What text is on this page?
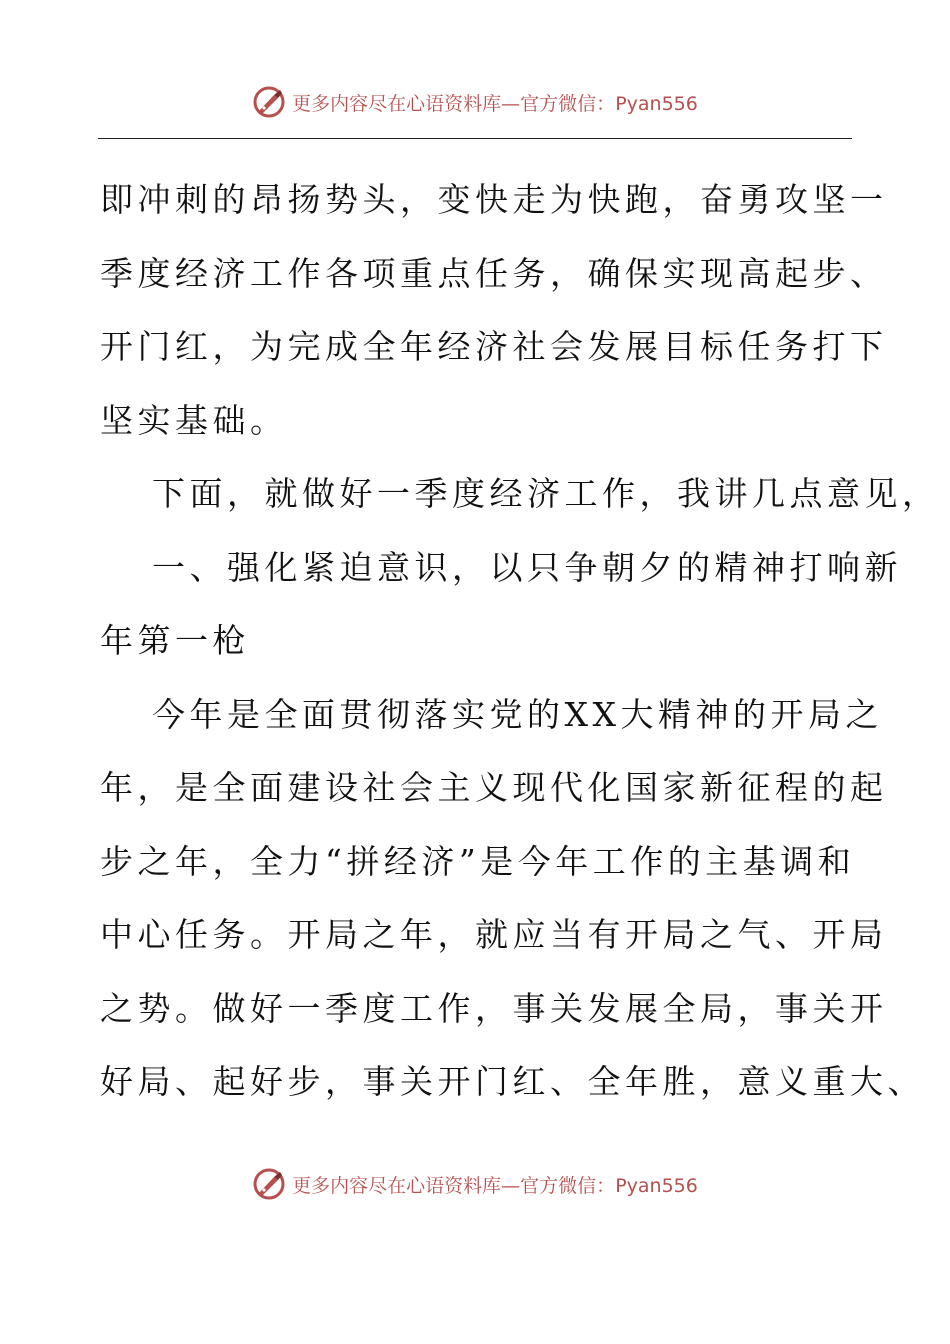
更多内容尽在心语资料库—官方微信：Pyan556
即冲刺的昂扬势头，变快走为快跑，奋勇攻坚一
季度经济工作各项重点任务，确保实现高起步、
开门红，为完成全年经济社会发展目标任务打下
坚实基础。
下面，就做好一季度经济工作，我讲几点意见，
一、强化紧迫意识，以只争朝夕的精神打响新
年第一枪
今年是全面贯彻落实党的XX大精神的开局之
年，是全面建设社会主义现代化国家新征程的起
步之年，全力“拼经济”是今年工作的主基调和
中心任务。开局之年，就应当有开局之气、开局
之势。做好一季度工作，事关发展全局，事关开
好局、起好步，事关开门红、全年胜，意义重大、
更多内容尽在心语资料库—官方微信：Pyan556
